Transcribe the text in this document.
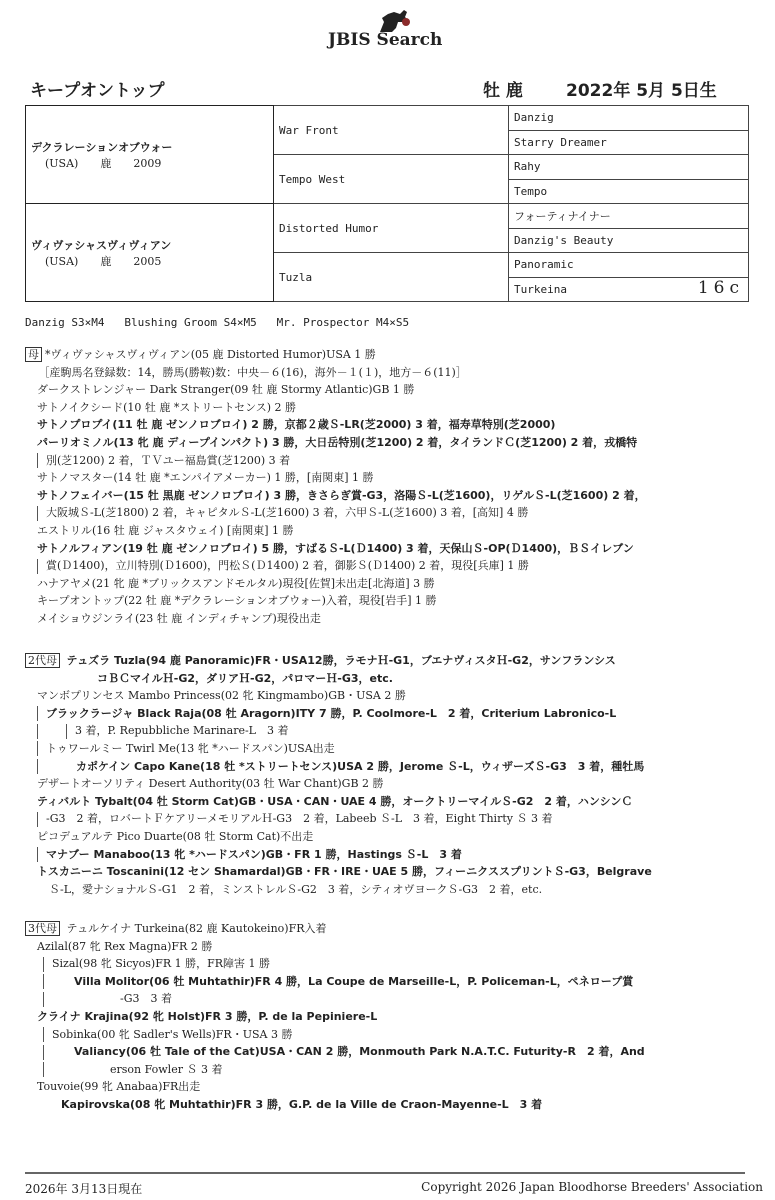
JBIS Search
キープオントップ	牡 鹿	2022年 5月 5日生
デクラレーションオブウォー
(USA)　　鹿　　2009	War Front	Danzig
		Starry Dreamer
	Tempo West	Rahy
		Tempo

ヴィヴァシャスヴィヴィアン
(USA)　　鹿　　2005	Distorted Humor	フォーティナイナー
		Danzig's Beauty
	Tuzla	Panoramic
		Turkeina 16c
Danzig S3×M4   Blushing Groom S4×M5   Mr. Prospector M4×S5
母 *ヴィヴァシャスヴィヴィアン(05 鹿 Distorted Humor)USA 1 勝
　［産駒馬名登録数：14，勝馬(勝鞍)数：中央－６(16)，海外－１(１)，地方－６(11)］
ダークストレンジャー Dark Stranger(09 牡 鹿 Stormy Atlantic)GB 1 勝
サトノイクシード(10 牡 鹿 *ストリートセンス) 2 勝
サトノプロプイ(11 牡 鹿 ゼンノロブロイ) 2 勝，京都２歳Ｓ-LR(芝2000) 3 着，福寿草特別(芝2000)
パーリオミノル(13 牝 鹿 ディープインパクト) 3 勝，大日岳特別(芝1200) 2 着，タイランドＣ(芝1200) 2 着，戎橋特
別(芝1200) 2 着，ＴＶユー福島賞(芝1200) 3 着
サトノマスター(14 牡 鹿 *エンパイアメーカー) 1 勝，[南関東] 1 勝
サトノフェイバー(15 牡 黒鹿 ゼンノロブロイ) 3 勝，きさらぎ賞-G3，洛陽Ｓ-L(芝1600)，リゲルＳ-L(芝1600) 2 着，
大阪城Ｓ-L(芝1800) 2 着，キャピタルＳ-L(芝1600) 3 着，六甲Ｓ-L(芝1600) 3 着，[高知] 4 勝
エストリル(16 牡 鹿 ジャスタウェイ) [南関東] 1 勝
サトノルフィアン(19 牡 鹿 ゼンノロブロイ) 5 勝，すばるＳ-L(Ｄ1400) 3 着，天保山Ｓ-OP(Ｄ1400)，ＢＳイレブン
賞(Ｄ1400)，立川特別(Ｄ1600)，門松Ｓ(Ｄ1400) 2 着，御影Ｓ(Ｄ1400) 2 着，現役[兵庫] 1 勝
ハナアヤメ(21 牝 鹿 *ブリックスアンドモルタル)現役[佐賀]未出走[北海道] 3 勝
キープオントップ(22 牡 鹿 *デクラレーションオブウォー)入着，現役[岩手] 1 勝
メイショウジンライ(23 牡 鹿 インディチャンプ)現役出走
2代母 テュズラ Tuzla(94 鹿 Panoramic)FR・USA12勝，ラモナＨ-G1，ブエナヴィスタＨ-G2，サンフランシス
コＢＣマイルＨ-G2，ダリアＨ-G2，パロマーＨ-G3，etc.
マンボプリンセス Mambo Princess(02 牝 Kingmambo)GB・USA 2 勝
ブラックラージャ Black Raja(08 牡 Aragorn)ITY 7 勝，P. Coolmore-L　2 着，Criterium Labronico-L
3 着，P. Repubbliche Marinare-L　3 着
トゥワールミー Twirl Me(13 牝 *ハードスパン)USA出走
カポケイン Capo Kane(18 牡 *ストリートセンス)USA 2 勝，Jerome Ｓ-L，ウィザーズＳ-G3　3 着，種牡馬
デザートオーソリティ Desert Authority(03 牡 War Chant)GB 2 勝
ティバルト Tybalt(04 牡 Storm Cat)GB・USA・CAN・UAE 4 勝，オークトリーマイルＳ-G2　2 着，ハンシンＣ
-G3　2 着，ロバートＦケアリーメモリアルＨ-G3　2 着，Labeeb Ｓ-L　3 着，Eight Thirty Ｓ 3 着
ピコデュアルテ Pico Duarte(08 牡 Storm Cat)不出走
マナブー Manaboo(13 牝 *ハードスパン)GB・FR 1 勝，Hastings Ｓ-L　3 着
トスカニーニ Toscanini(12 セン Shamardal)GB・FR・IRE・UAE 5 勝，フィーニクススプリントＳ-G3，Belgrave
Ｓ-L，愛ナショナルＳ-G1　2 着，ミンストレルＳ-G2　3 着，シティオヴヨークＳ-G3　2 着，etc.
3代母 テュルケイナ Turkeina(82 鹿 Kautokeino)FR入着
Azilal(87 牝 Rex Magna)FR 2 勝
Sizal(98 牝 Sicyos)FR 1 勝，FR障害 1 勝
Villa Molitor(06 牡 Muhtathir)FR 4 勝，La Coupe de Marseille-L，P. Policeman-L，ペネロープ賞
-G3　3 着
クライナ Krajina(92 牝 Holst)FR 3 勝，P. de la Pepiniere-L
Sobinka(00 牝 Sadler's Wells)FR・USA 3 勝
Valiancy(06 牡 Tale of the Cat)USA・CAN 2 勝，Monmouth Park N.A.T.C. Futurity-R　2 着，And
erson Fowler Ｓ 3 着
Touvoie(99 牝 Anabaa)FR出走
Kapirovska(08 牝 Muhtathir)FR 3 勝，G.P. de la Ville de Craon-Mayenne-L　3 着
2026年 3月13日現在	Copyright 2026 Japan Bloodhorse Breeders' Association
